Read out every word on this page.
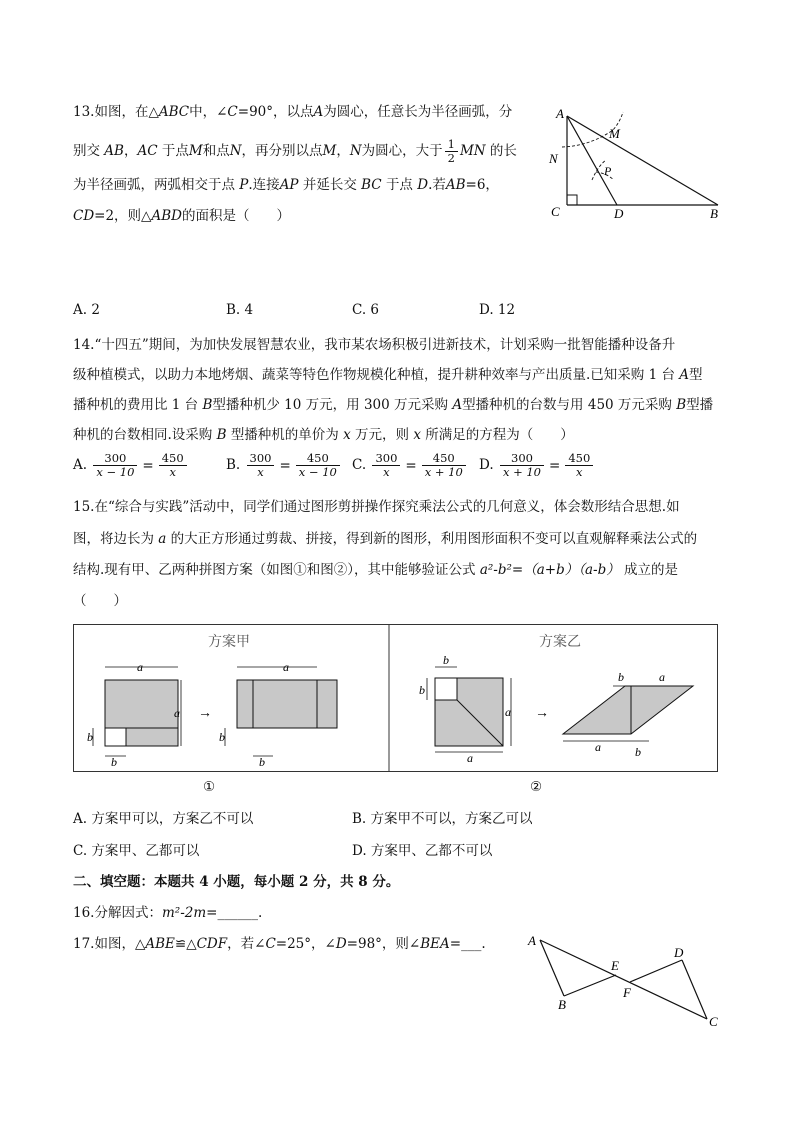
13.如图，在△ABC中，∠C=90°，以点A为圆心，任意长为半径画弧，分
别交 AB，AC 于点M和点N，再分别以点M，N为圆心，大于 $\frac{1}{2}$ MN 的长
为半径画弧，两弧相交于点 P.连接AP 并延长交 BC 于点 D.若AB=6，
CD=2，则△ABD的面积是（　　）
A
M
N
P
C	D	B
A. 2	B. 4	C. 6	D. 12
14.“十四五”期间，为加快发展智慧农业，我市某农场积极引进新技术，计划采购一批智能播种设备升
级种植模式，以助力本地烤烟、蔬菜等特色作物规模化种植，提升耕种效率与产出质量.已知采购 1 台 A型
播种机的费用比 1 台 B型播种机少 10 万元，用 300 万元采购 A型播种机的台数与用 450 万元采购 B型播
种机的台数相同.设采购 B 型播种机的单价为 x 万元，则 x 所满足的方程为（　　）
A. $\frac{300}{x - 10} = \frac{450}{x}$	B. $\frac{300}{x} = \frac{450}{x - 10} C$. $\frac{300}{x} = \frac{450}{x + 10} D$. $\frac{300}{x + 10} = \frac{450}{x}$
15.在“综合与实践”活动中，同学们通过图形剪拼操作探究乘法公式的几何意义，体会数形结合思想.如
图，将边长为 a 的大正方形通过剪裁、拼接，得到新的图形，利用图形面积不变可以直观解释乘法公式的
结构.现有甲、乙两种拼图方案（如图①和图②），其中能够验证公式 a²-b²=（a+b）（a-b） 成立的是
（　　）
方案甲	方案乙
a
a
b
b
→
a
b
b
b
b
a
a →
b	a
a	b
①	②
A. 方案甲可以，方案乙不可以	B. 方案甲不可以，方案乙可以
C. 方案甲、乙都可以	D. 方案甲、乙都不可以
二、填空题：本题共 4 小题，每小题 2 分，共 8 分。
16.分解因式：m²-2m=______.
17.如图，△ABE≌△CDF，若∠C=25°，∠D=98°，则∠BEA=___.	A
B
E
F
D
C
